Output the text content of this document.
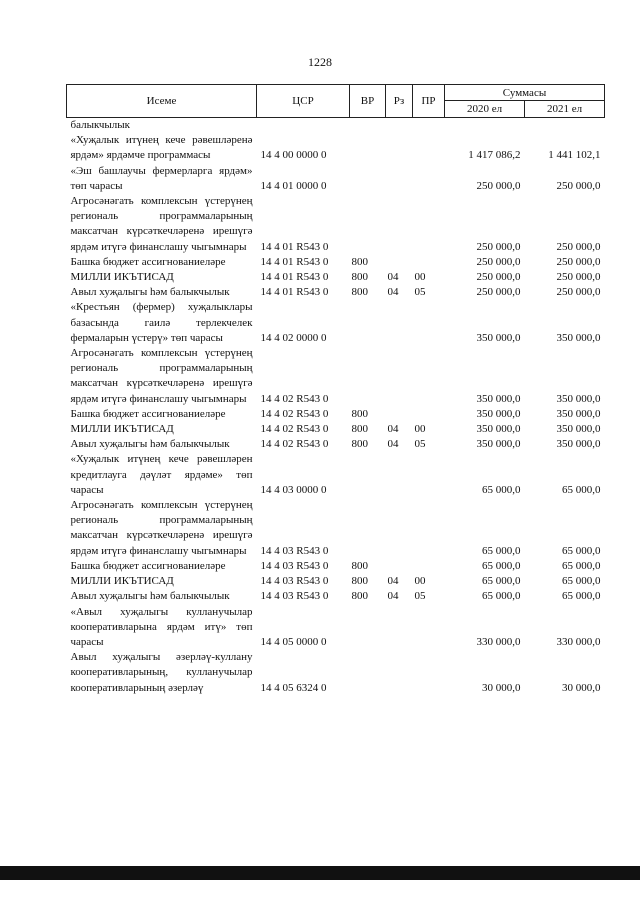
1228
Исеме	ЦСР	ВР	Рз	ПР	Суммасы	
					2020 ел	2021 ел
балыкчылык						
«Хуҗалык итүнең кече рәвешләренә ярдәм» ярдәмче программасы	14 4 00 0000 0				1 417 086,2	1 441 102,1
«Эш башлаучы фермерларга ярдәм» төп чарасы	14 4 01 0000 0				250 000,0	250 000,0
Агросәнәгать комплексын үстерүнең региональ программаларының максатчан күрсәткечләренә ирешүгә ярдәм итүгә финанслашу чыгымнары	14 4 01 R543 0				250 000,0	250 000,0
Башка бюджет ассигнованиеләре	14 4 01 R543 0	800			250 000,0	250 000,0
МИЛЛИ ИКЪТИСАД	14 4 01 R543 0	800	04	00	250 000,0	250 000,0
Авыл хуҗалыгы һәм балыкчылык	14 4 01 R543 0	800	04	05	250 000,0	250 000,0
«Крестьян (фермер) хуҗалыклары базасында гаилә терлекчелек фермаларын үстерү» төп чарасы	14 4 02 0000 0				350 000,0	350 000,0
Агросәнәгать комплексын үстерүнең региональ программаларының максатчан күрсәткечләренә ирешүгә ярдәм итүгә финанслашу чыгымнары	14 4 02 R543 0				350 000,0	350 000,0
Башка бюджет ассигнованиеләре	14 4 02 R543 0	800			350 000,0	350 000,0
МИЛЛИ ИКЪТИСАД	14 4 02 R543 0	800	04	00	350 000,0	350 000,0
Авыл хуҗалыгы һәм балыкчылык	14 4 02 R543 0	800	04	05	350 000,0	350 000,0
«Хуҗалык итүнең кече рәвешләрен кредитлауга дәүләт ярдәме» төп чарасы	14 4 03 0000 0				65 000,0	65 000,0
Агросәнәгать комплексын үстерүнең региональ программаларының максатчан күрсәткечләренә ирешүгә ярдәм итүгә финанслашу чыгымнары	14 4 03 R543 0				65 000,0	65 000,0
Башка бюджет ассигнованиеләре	14 4 03 R543 0	800			65 000,0	65 000,0
МИЛЛИ ИКЪТИСАД	14 4 03 R543 0	800	04	00	65 000,0	65 000,0
Авыл хуҗалыгы һәм балыкчылык	14 4 03 R543 0	800	04	05	65 000,0	65 000,0
«Авыл хуҗалыгы кулланучылар кооперативларына ярдәм итү» төп чарасы	14 4 05 0000 0				330 000,0	330 000,0
Авыл хуҗалыгы әзерләү-куллану кооперативларының, кулланучылар кооперативларының әзерләү	14 4 05 6324 0				30 000,0	30 000,0
